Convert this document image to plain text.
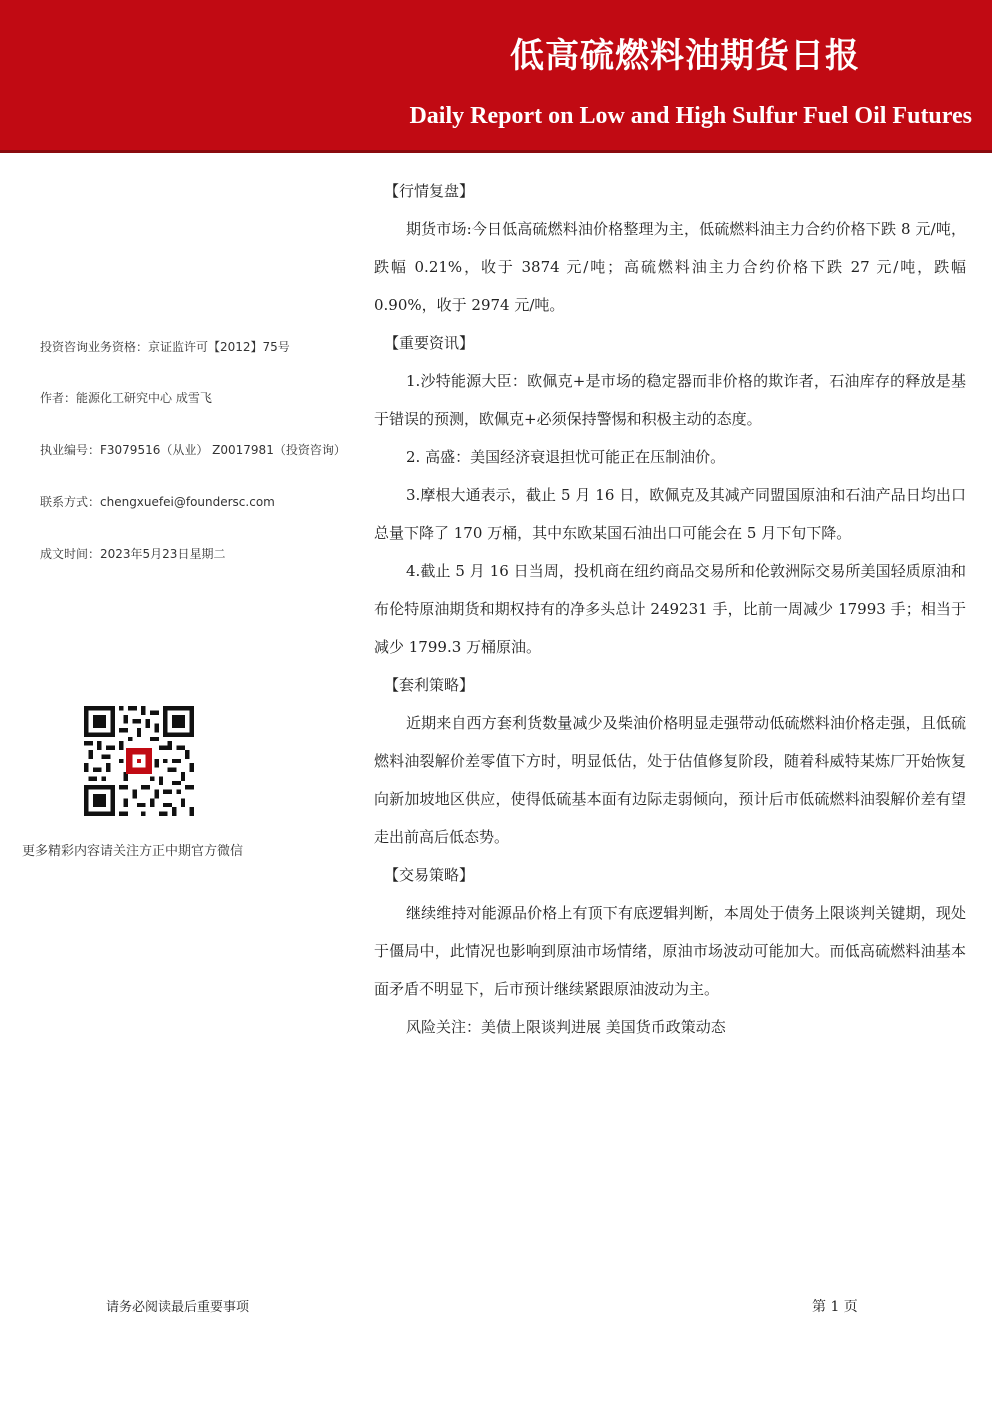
低高硫燃料油期货日报
Daily Report on Low and High Sulfur Fuel Oil Futures
投资咨询业务资格：京证监许可【2012】75号
作者：能源化工研究中心 成雪飞
执业编号：F3079516（从业） Z0017981（投资咨询）
联系方式：chengxuefei@foundersc.com
成文时间：2023年5月23日星期二
更多精彩内容请关注方正中期官方微信
【行情复盘】

期货市场:今日低高硫燃料油价格整理为主，低硫燃料油主力合约价格下跌 8 元/吨，跌幅 0.21%，收于 3874 元/吨；高硫燃料油主力合约价格下跌 27 元/吨，跌幅 0.90%，收于 2974 元/吨。

【重要资讯】

1.沙特能源大臣：欧佩克+是市场的稳定器而非价格的欺诈者，石油库存的释放是基于错误的预测，欧佩克+必须保持警惕和积极主动的态度。

2. 高盛：美国经济衰退担忧可能正在压制油价。

3.摩根大通表示，截止 5 月 16 日，欧佩克及其减产同盟国原油和石油产品日均出口总量下降了 170 万桶，其中东欧某国石油出口可能会在 5 月下旬下降。

4.截止 5 月 16 日当周，投机商在纽约商品交易所和伦敦洲际交易所美国轻质原油和布伦特原油期货和期权持有的净多头总计 249231 手，比前一周减少 17993 手；相当于减少 1799.3 万桶原油。

【套利策略】

近期来自西方套利货数量减少及柴油价格明显走强带动低硫燃料油价格走强，且低硫燃料油裂解价差零值下方时，明显低估，处于估值修复阶段，随着科威特某炼厂开始恢复向新加坡地区供应，使得低硫基本面有边际走弱倾向，预计后市低硫燃料油裂解价差有望走出前高后低态势。

【交易策略】

继续维持对能源品价格上有顶下有底逻辑判断，本周处于债务上限谈判关键期，现处于僵局中，此情况也影响到原油市场情绪，原油市场波动可能加大。而低高硫燃料油基本面矛盾不明显下，后市预计继续紧跟原油波动为主。

风险关注：美债上限谈判进展 美国货币政策动态

请务必阅读最后重要事项	第 1 页
